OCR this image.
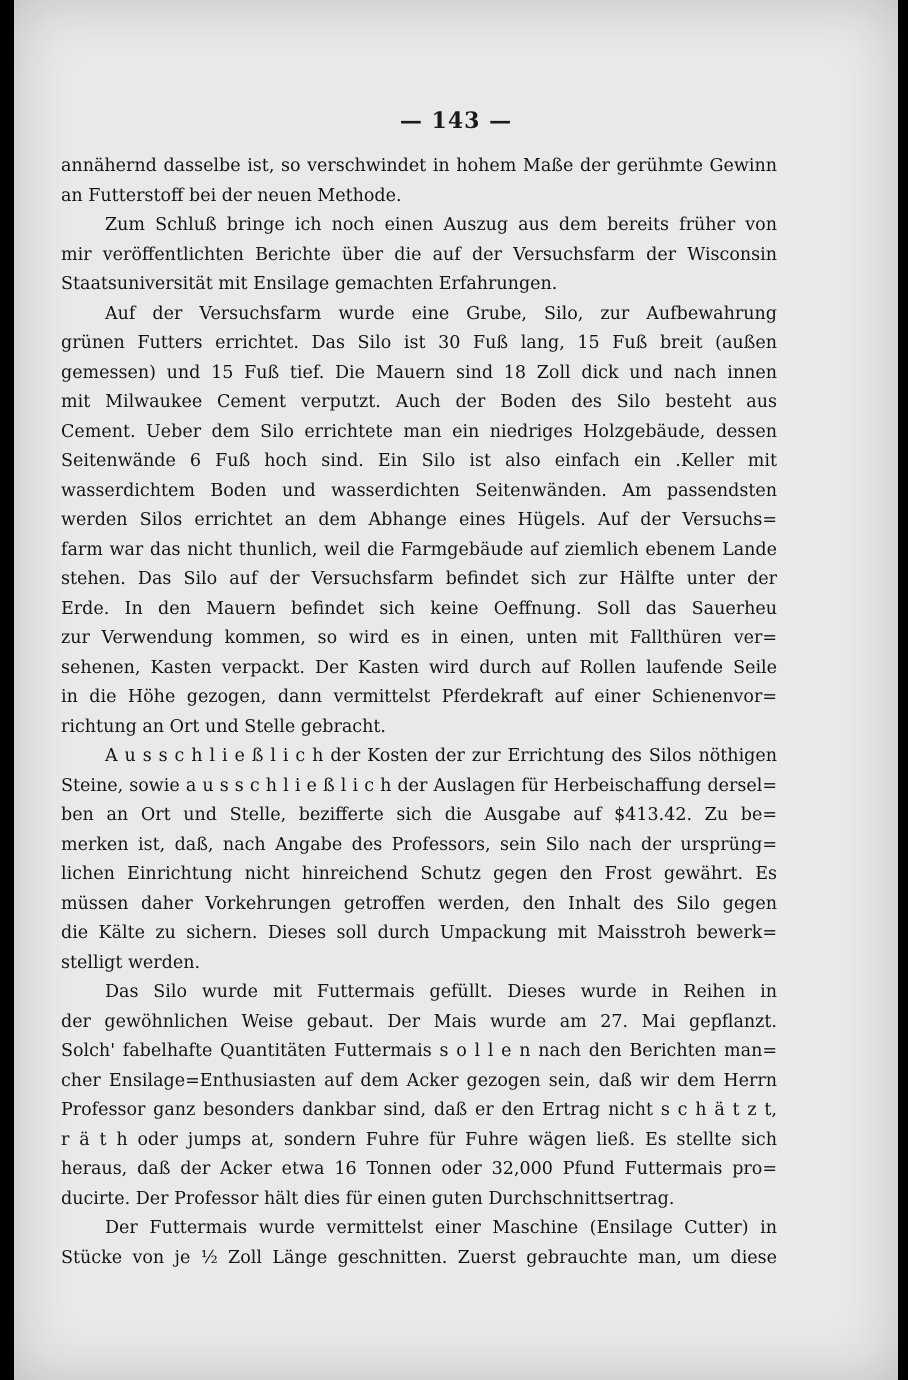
— 143 —
annähernd dasselbe ist, so verschwindet in hohem Maße der gerühmte Gewinn
an Futterstoff bei der neuen Methode.
Zum Schluß bringe ich noch einen Auszug aus dem bereits früher von
mir veröffentlichten Berichte über die auf der Versuchsfarm der Wisconsin
Staatsuniversität mit Ensilage gemachten Erfahrungen.
Auf der Versuchsfarm wurde eine Grube, Silo, zur Aufbewahrung
grünen Futters errichtet. Das Silo ist 30 Fuß lang, 15 Fuß breit (außen
gemessen) und 15 Fuß tief. Die Mauern sind 18 Zoll dick und nach innen
mit Milwaukee Cement verputzt. Auch der Boden des Silo besteht aus
Cement. Ueber dem Silo errichtete man ein niedriges Holzgebäude, dessen
Seitenwände 6 Fuß hoch sind. Ein Silo ist also einfach ein .Keller mit
wasserdichtem Boden und wasserdichten Seitenwänden. Am passendsten
werden Silos errichtet an dem Abhange eines Hügels. Auf der Versuchs=
farm war das nicht thunlich, weil die Farmgebäude auf ziemlich ebenem Lande
stehen. Das Silo auf der Versuchsfarm befindet sich zur Hälfte unter der
Erde. In den Mauern befindet sich keine Oeffnung. Soll das Sauerheu
zur Verwendung kommen, so wird es in einen, unten mit Fallthüren ver=
sehenen, Kasten verpackt. Der Kasten wird durch auf Rollen laufende Seile
in die Höhe gezogen, dann vermittelst Pferdekraft auf einer Schienenvor=
richtung an Ort und Stelle gebracht.
A u s s c h l i e ß l i c h der Kosten der zur Errichtung des Silos nöthigen
Steine, sowie a u s s c h l i e ß l i c h der Auslagen für Herbeischaffung dersel=
ben an Ort und Stelle, bezifferte sich die Ausgabe auf $413.42. Zu be=
merken ist, daß, nach Angabe des Professors, sein Silo nach der ursprüng=
lichen Einrichtung nicht hinreichend Schutz gegen den Frost gewährt. Es
müssen daher Vorkehrungen getroffen werden, den Inhalt des Silo gegen
die Kälte zu sichern. Dieses soll durch Umpackung mit Maisstroh bewerk=
stelligt werden.
Das Silo wurde mit Futtermais gefüllt. Dieses wurde in Reihen in
der gewöhnlichen Weise gebaut. Der Mais wurde am 27. Mai gepflanzt.
Solch' fabelhafte Quantitäten Futtermais s o l l e n nach den Berichten man=
cher Ensilage=Enthusiasten auf dem Acker gezogen sein, daß wir dem Herrn
Professor ganz besonders dankbar sind, daß er den Ertrag nicht s c h ä t z t,
r ä t h oder jumps at, sondern Fuhre für Fuhre wägen ließ. Es stellte sich
heraus, daß der Acker etwa 16 Tonnen oder 32,000 Pfund Futtermais pro=
ducirte. Der Professor hält dies für einen guten Durchschnittsertrag.
Der Futtermais wurde vermittelst einer Maschine (Ensilage Cutter) in
Stücke von je ½ Zoll Länge geschnitten. Zuerst gebrauchte man, um diese
